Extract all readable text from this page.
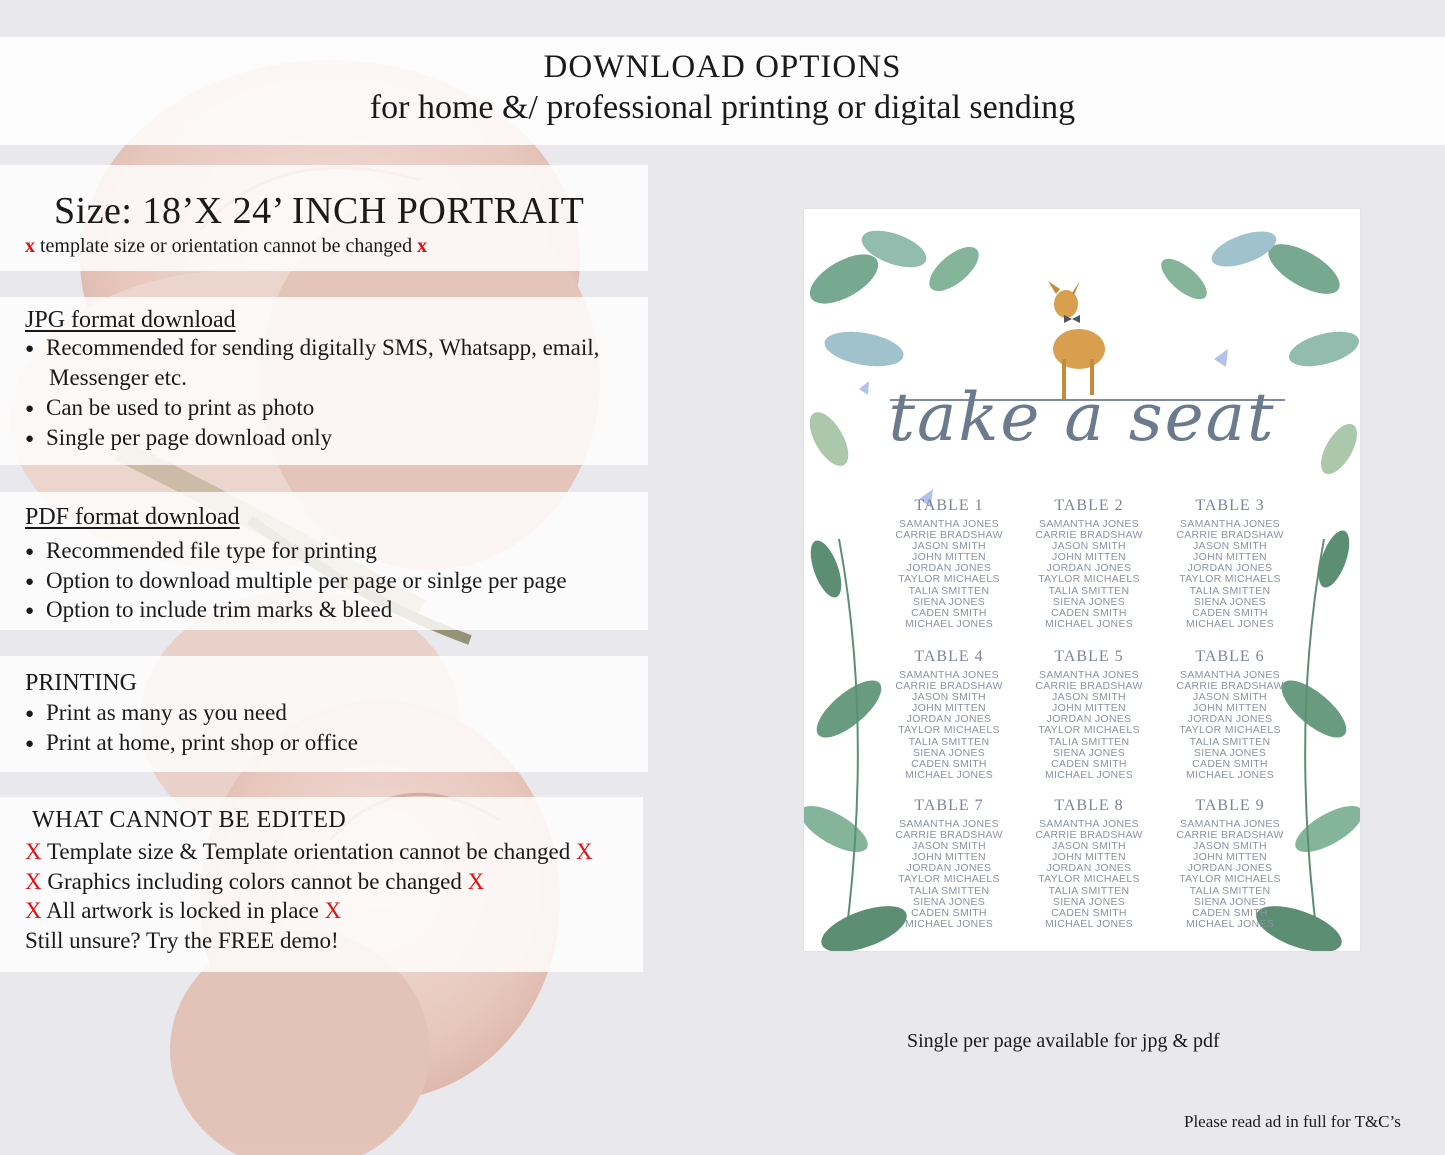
DOWNLOAD OPTIONS
for home &/ professional printing or digital sending
Size: 18’X 24’ INCH PORTRAIT
x template size or orientation cannot be changed x
JPG format download
● Recommended for sending digitally SMS, Whatsapp, email,
Messenger etc.
● Can be used to print as photo
● Single per page download only
PDF format download
● Recommended file type for printing
● Option to download multiple per page or sinlge per page
● Option to include trim marks & bleed
PRINTING
● Print as many as you need
● Print at home, print shop or office
WHAT CANNOT BE EDITED
X Template size & Template orientation cannot be changed X
X Graphics including colors cannot be changed X
X All artwork is locked in place X
Still unsure? Try the FREE demo!
take a seat
TABLE 1
SAMANTHA JONES
CARRIE BRADSHAW
JASON SMITH
JOHN MITTEN
JORDAN JONES
TAYLOR MICHAELS
TALIA SMITTEN
SIENA JONES
CADEN SMITH
MICHAEL JONES
TABLE 2
SAMANTHA JONES
CARRIE BRADSHAW
JASON SMITH
JOHN MITTEN
JORDAN JONES
TAYLOR MICHAELS
TALIA SMITTEN
SIENA JONES
CADEN SMITH
MICHAEL JONES
TABLE 3
SAMANTHA JONES
CARRIE BRADSHAW
JASON SMITH
JOHN MITTEN
JORDAN JONES
TAYLOR MICHAELS
TALIA SMITTEN
SIENA JONES
CADEN SMITH
MICHAEL JONES
TABLE 4
SAMANTHA JONES
CARRIE BRADSHAW
JASON SMITH
JOHN MITTEN
JORDAN JONES
TAYLOR MICHAELS
TALIA SMITTEN
SIENA JONES
CADEN SMITH
MICHAEL JONES
TABLE 5
SAMANTHA JONES
CARRIE BRADSHAW
JASON SMITH
JOHN MITTEN
JORDAN JONES
TAYLOR MICHAELS
TALIA SMITTEN
SIENA JONES
CADEN SMITH
MICHAEL JONES
TABLE 6
SAMANTHA JONES
CARRIE BRADSHAW
JASON SMITH
JOHN MITTEN
JORDAN JONES
TAYLOR MICHAELS
TALIA SMITTEN
SIENA JONES
CADEN SMITH
MICHAEL JONES
TABLE 7
SAMANTHA JONES
CARRIE BRADSHAW
JASON SMITH
JOHN MITTEN
JORDAN JONES
TAYLOR MICHAELS
TALIA SMITTEN
SIENA JONES
CADEN SMITH
MICHAEL JONES
TABLE 8
SAMANTHA JONES
CARRIE BRADSHAW
JASON SMITH
JOHN MITTEN
JORDAN JONES
TAYLOR MICHAELS
TALIA SMITTEN
SIENA JONES
CADEN SMITH
MICHAEL JONES
TABLE 9
SAMANTHA JONES
CARRIE BRADSHAW
JASON SMITH
JOHN MITTEN
JORDAN JONES
TAYLOR MICHAELS
TALIA SMITTEN
SIENA JONES
CADEN SMITH
MICHAEL JONES
Single per page available for jpg & pdf
Please read ad in full for T&C’s
